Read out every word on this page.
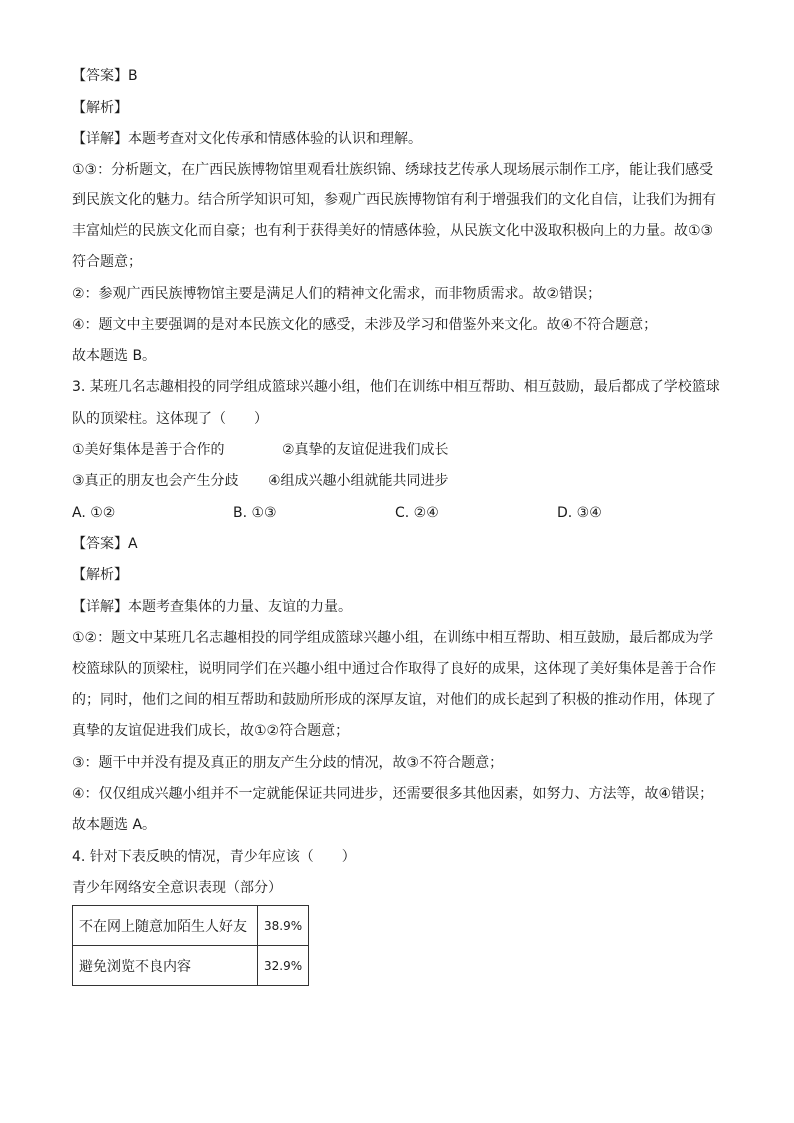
【答案】B
【解析】
【详解】本题考查对文化传承和情感体验的认识和理解。
①③：分析题文，在广西民族博物馆里观看壮族织锦、绣球技艺传承人现场展示制作工序，能让我们感受
到民族文化的魅力。结合所学知识可知，参观广西民族博物馆有利于增强我们的文化自信，让我们为拥有
丰富灿烂的民族文化而自豪；也有利于获得美好的情感体验，从民族文化中汲取积极向上的力量。故①③
符合题意；
②：参观广西民族博物馆主要是满足人们的精神文化需求，而非物质需求。故②错误；
④：题文中主要强调的是对本民族文化的感受，未涉及学习和借鉴外来文化。故④不符合题意；
故本题选 B。
3. 某班几名志趣相投的同学组成篮球兴趣小组，他们在训练中相互帮助、相互鼓励，最后都成了学校篮球
队的顶梁柱。这体现了（　　）
①美好集体是善于合作的	②真挚的友谊促进我们成长
③真正的朋友也会产生分歧 ④组成兴趣小组就能共同进步
A. ①②	B. ①③	C. ②④	D. ③④
【答案】A
【解析】
【详解】本题考查集体的力量、友谊的力量。
①②：题文中某班几名志趣相投的同学组成篮球兴趣小组，在训练中相互帮助、相互鼓励，最后都成为学
校篮球队的顶梁柱，说明同学们在兴趣小组中通过合作取得了良好的成果，这体现了美好集体是善于合作
的；同时，他们之间的相互帮助和鼓励所形成的深厚友谊，对他们的成长起到了积极的推动作用，体现了
真挚的友谊促进我们成长，故①②符合题意；
③：题干中并没有提及真正的朋友产生分歧的情况，故③不符合题意；
④：仅仅组成兴趣小组并不一定就能保证共同进步，还需要很多其他因素，如努力、方法等，故④错误；
故本题选 A。
4. 针对下表反映的情况，青少年应该（　　）
青少年网络安全意识表现（部分）
不在网上随意加陌生人好友	38.9%
避免浏览不良内容	32.9%
